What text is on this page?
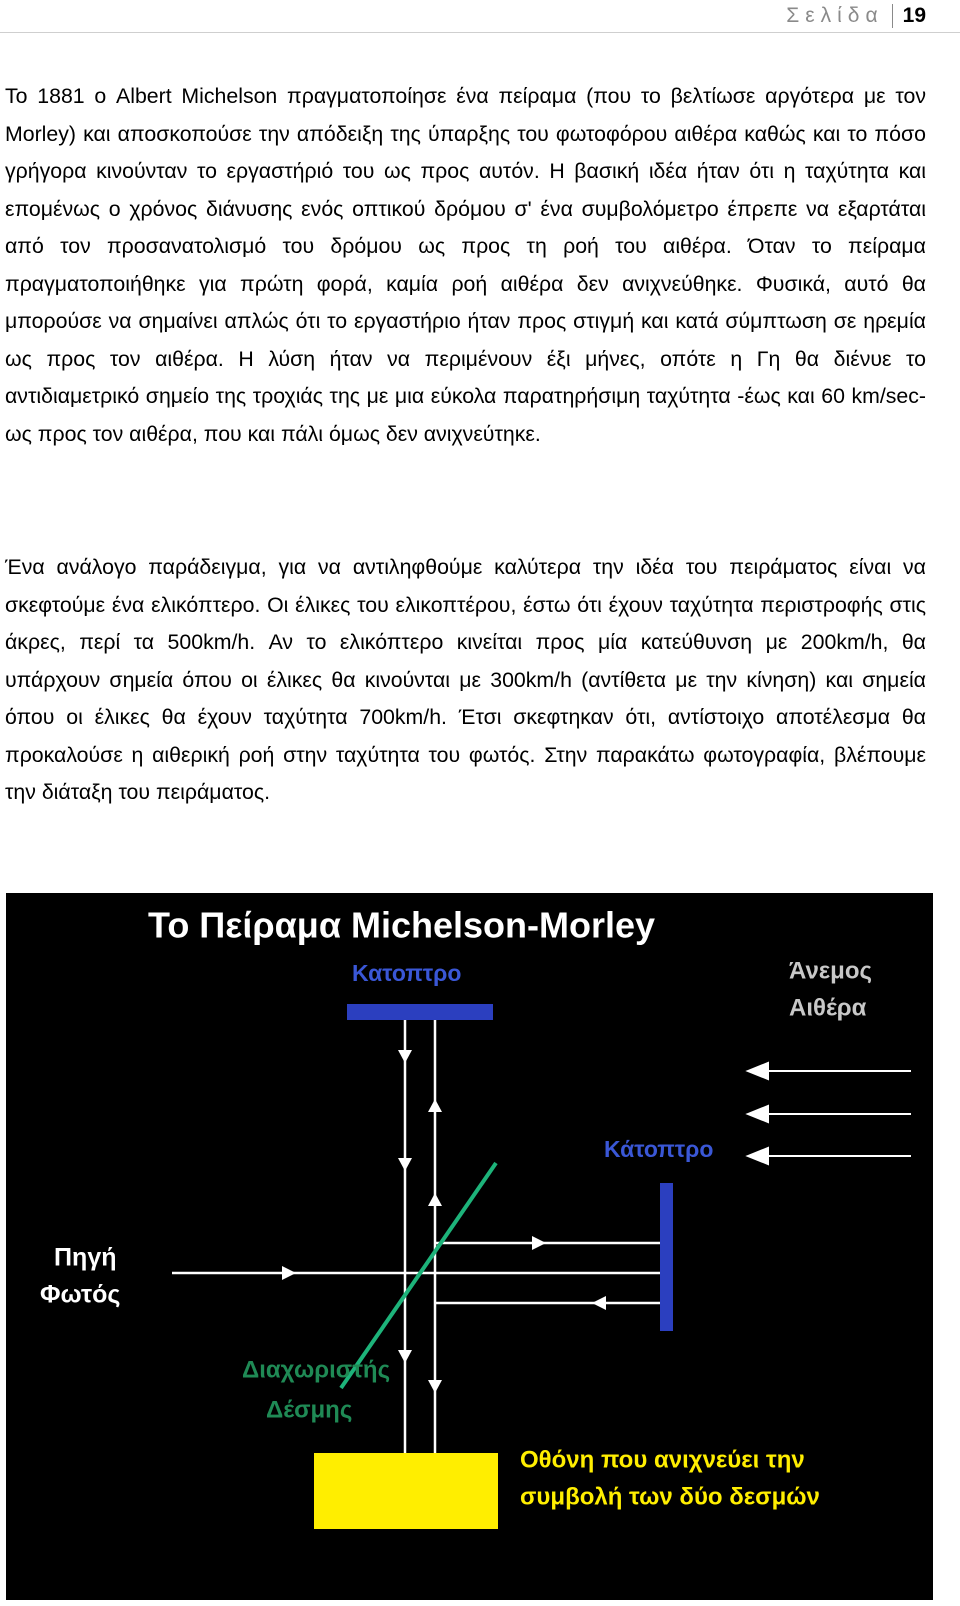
Σελίδα 19

Το 1881 ο Albert Michelson πραγματοποίησε ένα πείραμα (που το βελτίωσε αργότερα με τον Morley) και αποσκοπούσε την απόδειξη της ύπαρξης του φωτοφόρου αιθέρα καθώς και το πόσο γρήγορα κινούνταν το εργαστήριό του ως προς αυτόν. Η βασική ιδέα ήταν ότι η ταχύτητα και επομένως ο χρόνος διάνυσης ενός οπτικού δρόμου σ' ένα συμβολόμετρο έπρεπε να εξαρτάται από τον προσανατολισμό του δρόμου ως προς τη ροή του αιθέρα. Όταν το πείραμα πραγματοποιήθηκε για πρώτη φορά, καμία ροή αιθέρα δεν ανιχνεύθηκε. Φυσικά, αυτό θα μπορούσε να σημαίνει απλώς ότι το εργαστήριο ήταν προς στιγμή και κατά σύμπτωση σε ηρεμία ως προς τον αιθέρα. Η λύση ήταν να περιμένουν έξι μήνες, οπότε η Γη θα διένυε το αντιδιαμετρικό σημείο της τροχιάς της με μια εύκολα παρατηρήσιμη ταχύτητα -έως και 60 km/sec- ως προς τον αιθέρα, που και πάλι όμως δεν ανιχνεύτηκε.

Ένα ανάλογο παράδειγμα, για να αντιληφθούμε καλύτερα την ιδέα του πειράματος είναι να σκεφτούμε ένα ελικόπτερο. Οι έλικες του ελικοπτέρου, έστω ότι έχουν ταχύτητα περιστροφής στις άκρες, περί τα 500km/h. Αν το ελικόπτερο κινείται προς μία κατεύθυνση με 200km/h, θα υπάρχουν σημεία όπου οι έλικες θα κινούνται με 300km/h (αντίθετα με την κίνηση) και σημεία όπου οι έλικες θα έχουν ταχύτητα 700km/h. Έτσι σκεφτηκαν ότι, αντίστοιχο αποτέλεσμα θα προκαλούσε η αιθερική ροή στην ταχύτητα του φωτός. Στην παρακάτω φωτογραφία, βλέπουμε την διάταξη του πειράματος.

Το Πείραμα Michelson-Morley
Κατοπτρο
Κάτοπτρο
Άνεμος
Αιθέρα
Πηγή
Φωτός
Διαχωριστής
Δέσμης
Οθόνη που ανιχνεύει την
συμβολή των δύο δεσμών
